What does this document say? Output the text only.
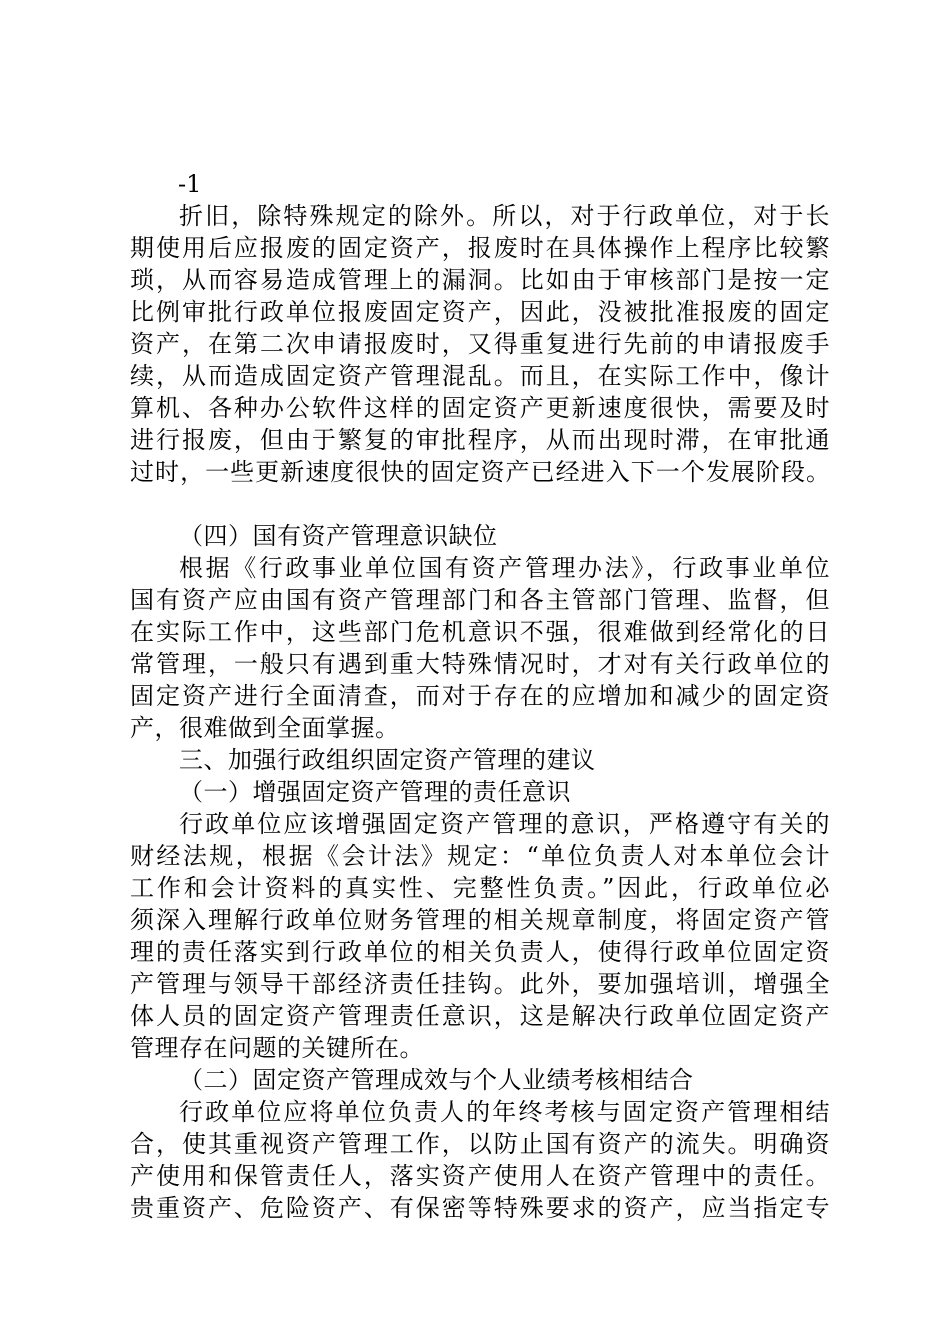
-1
折旧，除特殊规定的除外。所以，对于行政单位，对于长
期使用后应报废的固定资产，报废时在具体操作上程序比较繁
琐，从而容易造成管理上的漏洞。比如由于审核部门是按一定
比例审批行政单位报废固定资产，因此，没被批准报废的固定
资产，在第二次申请报废时，又得重复进行先前的申请报废手
续，从而造成固定资产管理混乱。而且，在实际工作中，像计
算机、各种办公软件这样的固定资产更新速度很快，需要及时
进行报废，但由于繁复的审批程序，从而出现时滞，在审批通
过时，一些更新速度很快的固定资产已经进入下一个发展阶段。
（四）国有资产管理意识缺位
根据《行政事业单位国有资产管理办法》，行政事业单位
国有资产应由国有资产管理部门和各主管部门管理、监督，但
在实际工作中，这些部门危机意识不强，很难做到经常化的日
常管理，一般只有遇到重大特殊情况时，才对有关行政单位的
固定资产进行全面清查，而对于存在的应增加和减少的固定资
产，很难做到全面掌握。
三、加强行政组织固定资产管理的建议
（一）增强固定资产管理的责任意识
行政单位应该增强固定资产管理的意识，严格遵守有关的
财经法规，根据《会计法》规定：“单位负责人对本单位会计
工作和会计资料的真实性、完整性负责。”因此，行政单位必
须深入理解行政单位财务管理的相关规章制度，将固定资产管
理的责任落实到行政单位的相关负责人，使得行政单位固定资
产管理与领导干部经济责任挂钩。此外，要加强培训，增强全
体人员的固定资产管理责任意识，这是解决行政单位固定资产
管理存在问题的关键所在。
（二）固定资产管理成效与个人业绩考核相结合
行政单位应将单位负责人的年终考核与固定资产管理相结
合，使其重视资产管理工作，以防止国有资产的流失。明确资
产使用和保管责任人，落实资产使用人在资产管理中的责任。
贵重资产、危险资产、有保密等特殊要求的资产，应当指定专
